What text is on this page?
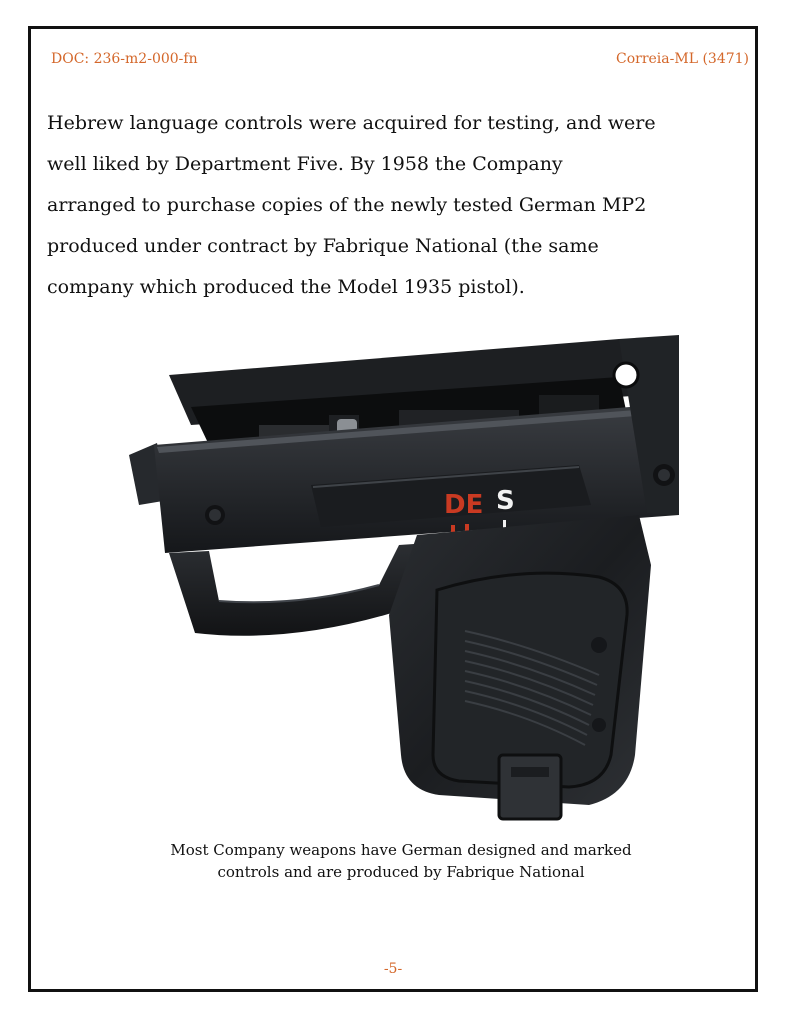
DOC: 236-m2-000-fn	Correia-ML (3471)
Hebrew language controls were acquired for testing, and were
well liked by Department Five. By 1958 the Company
arranged to purchase copies of the newly tested German MP2
produced under contract by Fabrique National (the same
company which produced the Model 1935 pistol).
DE S
Most Company weapons have German designed and marked
controls and are produced by Fabrique National
-5-
